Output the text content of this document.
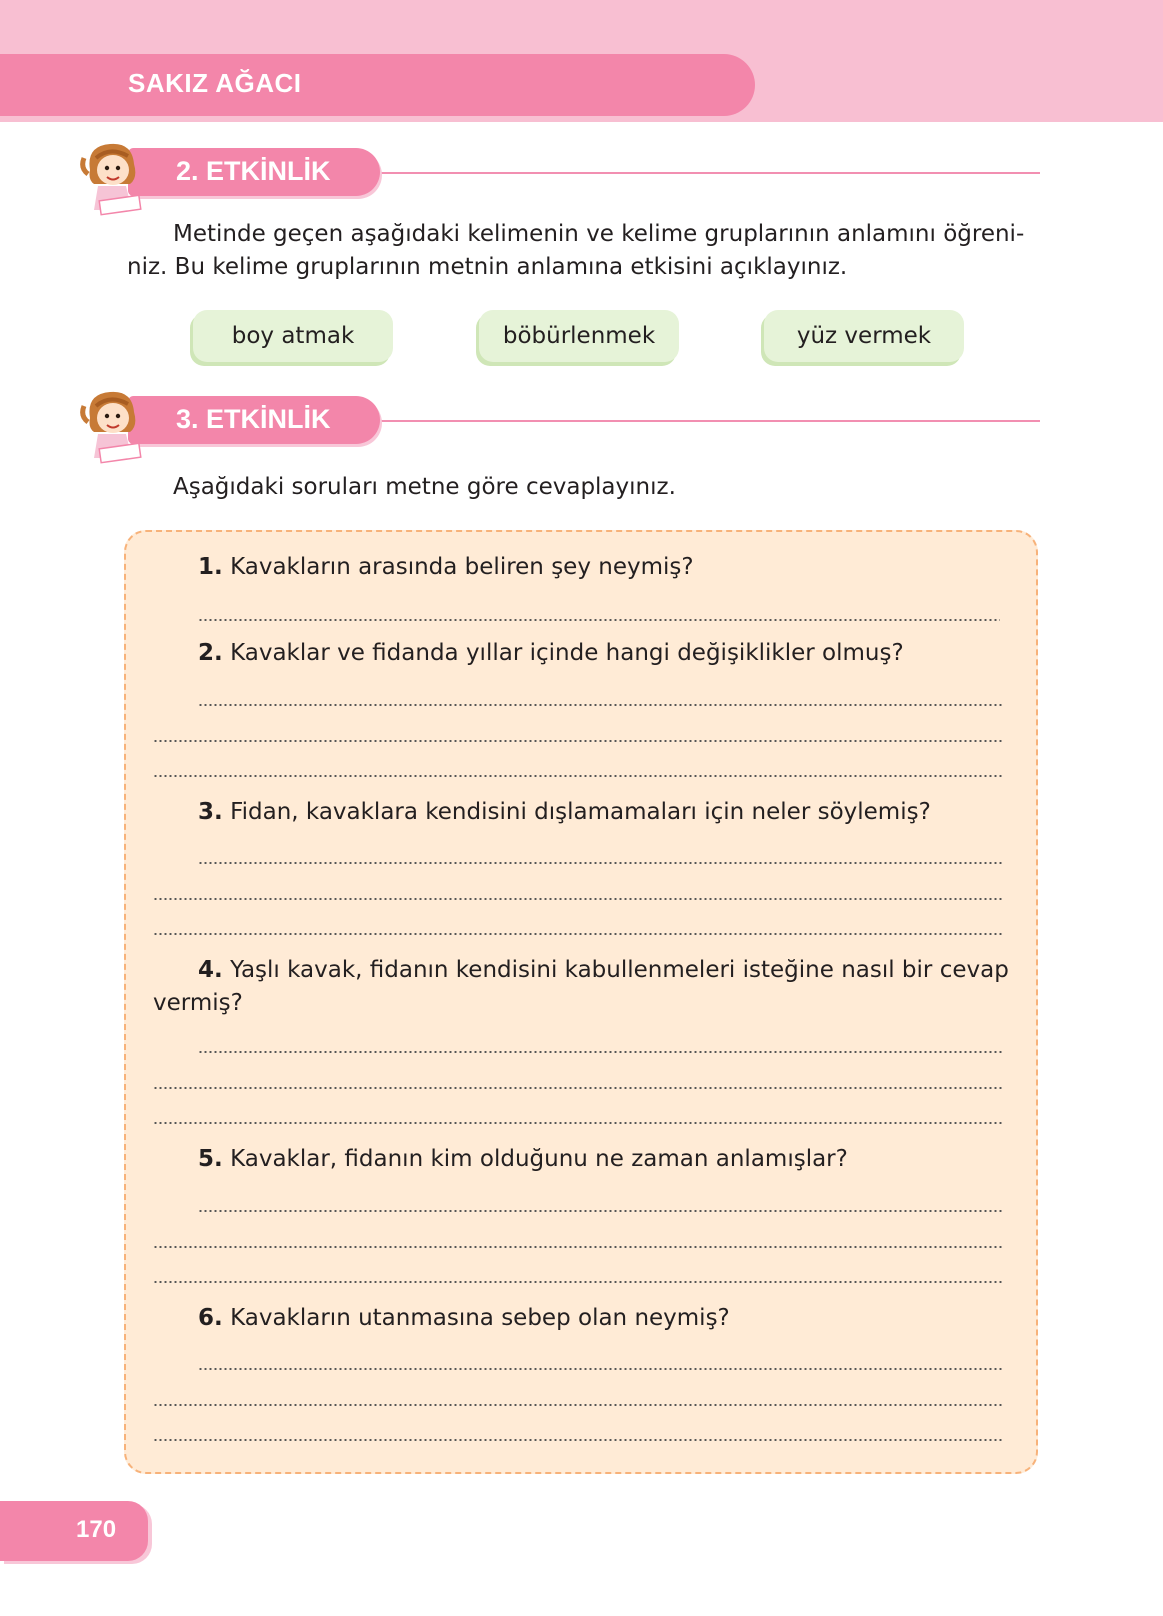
SAKIZ AĞACI
2. ETKİNLİK
Metinde geçen aşağıdaki kelimenin ve kelime gruplarının anlamını öğreni-
niz. Bu kelime gruplarının metnin anlamına etkisini açıklayınız.
boy atmak	böbürlenmek	yüz vermek
3. ETKİNLİK
Aşağıdaki soruları metne göre cevaplayınız.
1. Kavakların arasında beliren şey neymiş?
2. Kavaklar ve fidanda yıllar içinde hangi değişiklikler olmuş?
3. Fidan, kavaklara kendisini dışlamamaları için neler söylemiş?
4. Yaşlı kavak, fidanın kendisini kabullenmeleri isteğine nasıl bir cevap
vermiş?
5. Kavaklar, fidanın kim olduğunu ne zaman anlamışlar?
6. Kavakların utanmasına sebep olan neymiş?
170
